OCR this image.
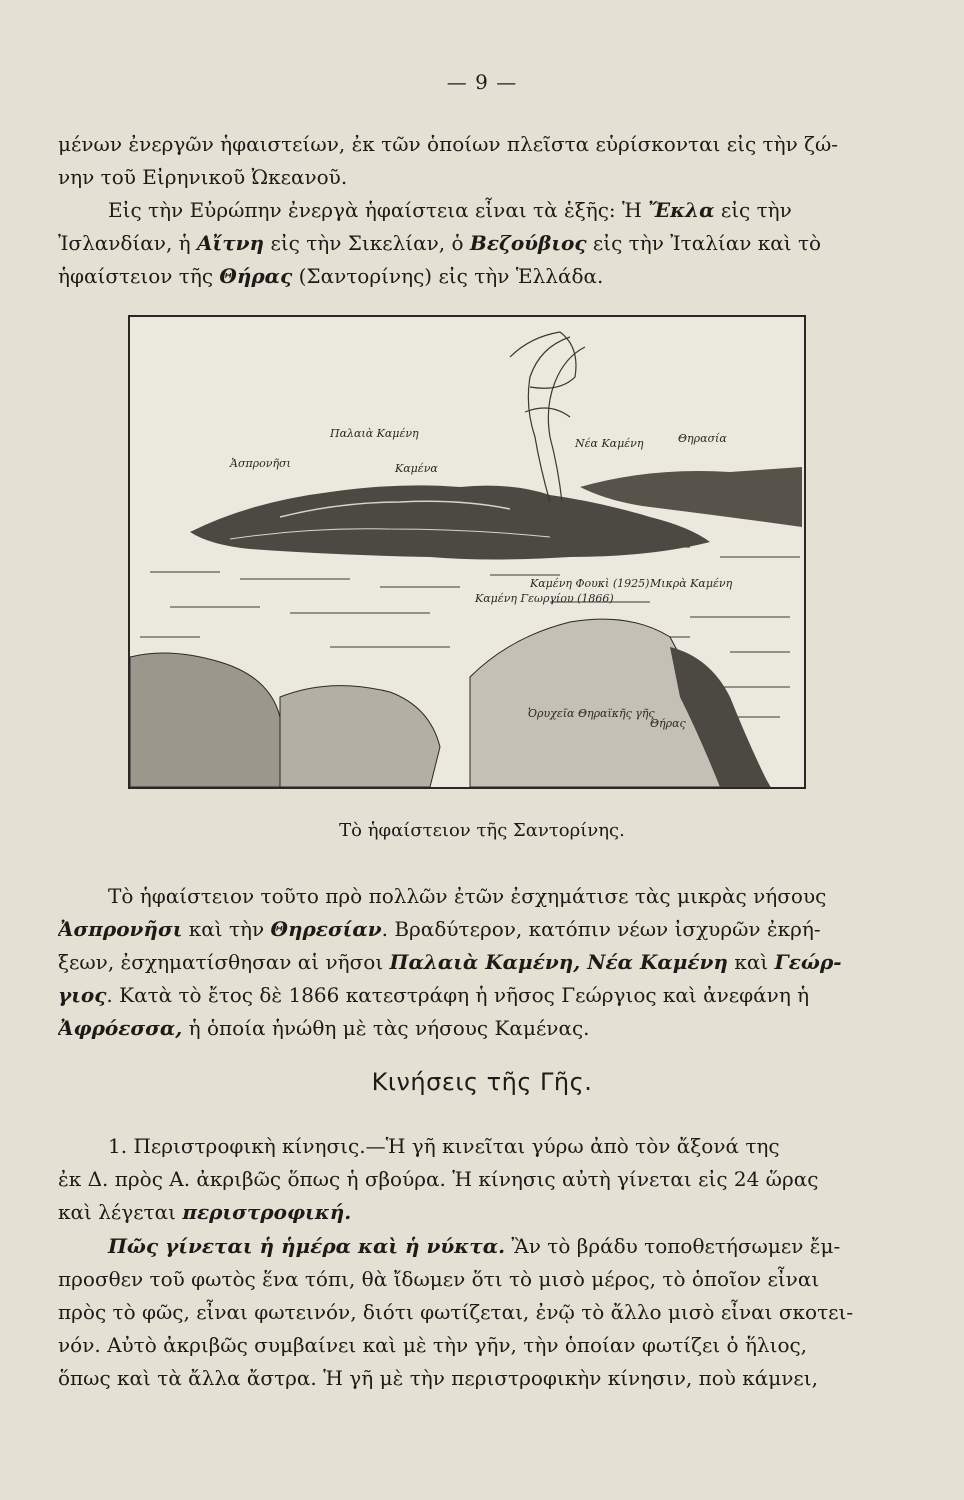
— 9 —
μένων ἐνεργῶν ἡφαιστείων, ἐκ τῶν ὁποίων πλεῖστα εὑρίσκονται εἰς τὴν ζώ-
νην τοῦ Εἰρηνικοῦ Ὠκεανοῦ.
Εἰς τὴν Εὐρώπην ἐνεργὰ ἡφαίστεια εἶναι τὰ ἑξῆς: Ἡ Ἔκλα εἰς τὴν
Ἰσλανδίαν, ἡ Αἴτνη εἰς τὴν Σικελίαν, ὁ Βεζούβιος εἰς τὴν Ἰταλίαν καὶ τὸ
ἡφαίστειον τῆς Θήρας (Σαντορίνης) εἰς τὴν Ἑλλάδα.
Παλαιὰ Καμένη
Ἀσπρονῆσι	Καμένα
Νέα Καμένη	Θηρασία
Καμένη Φουκὶ (1925) Μικρὰ Καμένη
Καμένη Γεωργίου (1866)
Ὀρυχεῖα Θηραϊκῆς γῆς
Θήρας
Τὸ ἡφαίστειον τῆς Σαντορίνης.
Τὸ ἡφαίστειον τοῦτο πρὸ πολλῶν ἐτῶν ἐσχημάτισε τὰς μικρὰς νήσους
Ἀσπρονῆσι καὶ τὴν Θηρεσίαν. Βραδύτερον, κατόπιν νέων ἰσχυρῶν ἐκρή-
ξεων, ἐσχηματίσθησαν αἱ νῆσοι Παλαιὰ Καμένη, Νέα Καμένη καὶ Γεώρ-
γιος. Κατὰ τὸ ἔτος δὲ 1866 κατεστράφη ἡ νῆσος Γεώργιος καὶ ἀνεφάνη ἡ
Ἀφρόεσσα, ἡ ὁποία ἡνώθη μὲ τὰς νήσους Καμένας.
Κινήσεις τῆς Γῆς.
1. Περιστροφικὴ κίνησις.—Ἡ γῆ κινεῖται γύρω ἀπὸ τὸν ἄξονά της
ἐκ Δ. πρὸς Α. ἀκριβῶς ὅπως ἡ σβούρα. Ἡ κίνησις αὐτὴ γίνεται εἰς 24 ὥρας
καὶ λέγεται περιστροφική.
Πῶς γίνεται ἡ ἡμέρα καὶ ἡ νύκτα. Ἂν τὸ βράδυ τοποθετήσωμεν ἔμ-
προσθεν τοῦ φωτὸς ἕνα τόπι, θὰ ἴδωμεν ὅτι τὸ μισὸ μέρος, τὸ ὁποῖον εἶναι
πρὸς τὸ φῶς, εἶναι φωτεινόν, διότι φωτίζεται, ἐνῷ τὸ ἄλλο μισὸ εἶναι σκοτει-
νόν. Αὐτὸ ἀκριβῶς συμβαίνει καὶ μὲ τὴν γῆν, τὴν ὁποίαν φωτίζει ὁ ἥλιος,
ὅπως καὶ τὰ ἄλλα ἄστρα. Ἡ γῆ μὲ τὴν περιστροφικὴν κίνησιν, ποὺ κάμνει,
